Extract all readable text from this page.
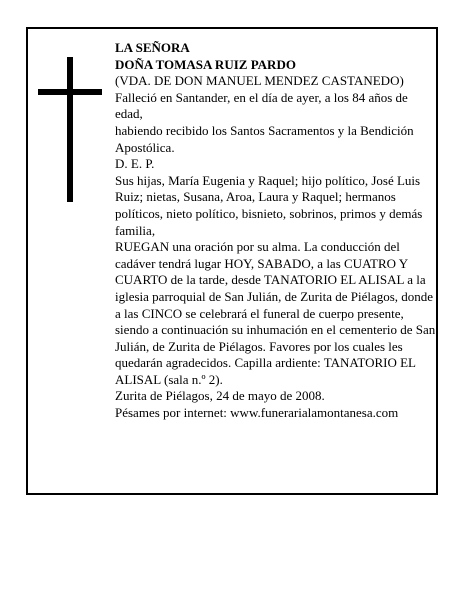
LA SEÑORA

DOÑA TOMASA RUIZ PARDO

(VDA. DE DON MANUEL MENDEZ CASTANEDO)

Falleció en Santander, en el día de ayer, a los 84 años de edad,

habiendo recibido los Santos Sacramentos y la Bendición Apostólica.

D. E. P.

Sus hijas, María Eugenia y Raquel; hijo político, José Luis Ruiz; nietas, Susana, Aroa, Laura y Raquel; hermanos políticos, nieto político, bisnieto, sobrinos, primos y demás familia,

RUEGAN una oración por su alma. La conducción del cadáver tendrá lugar HOY, SABADO, a las CUATRO Y CUARTO de la tarde, desde TANATORIO EL ALISAL a la iglesia parroquial de San Julián, de Zurita de Piélagos, donde a las CINCO se celebrará el funeral de cuerpo presente, siendo a continuación su inhumación en el cementerio de San Julián, de Zurita de Piélagos. Favores por los cuales les quedarán agradecidos. Capilla ardiente: TANATORIO EL ALISAL (sala n.º 2).

Zurita de Piélagos, 24 de mayo de 2008.

Pésames por internet: www.funerarialamontanesa.com
